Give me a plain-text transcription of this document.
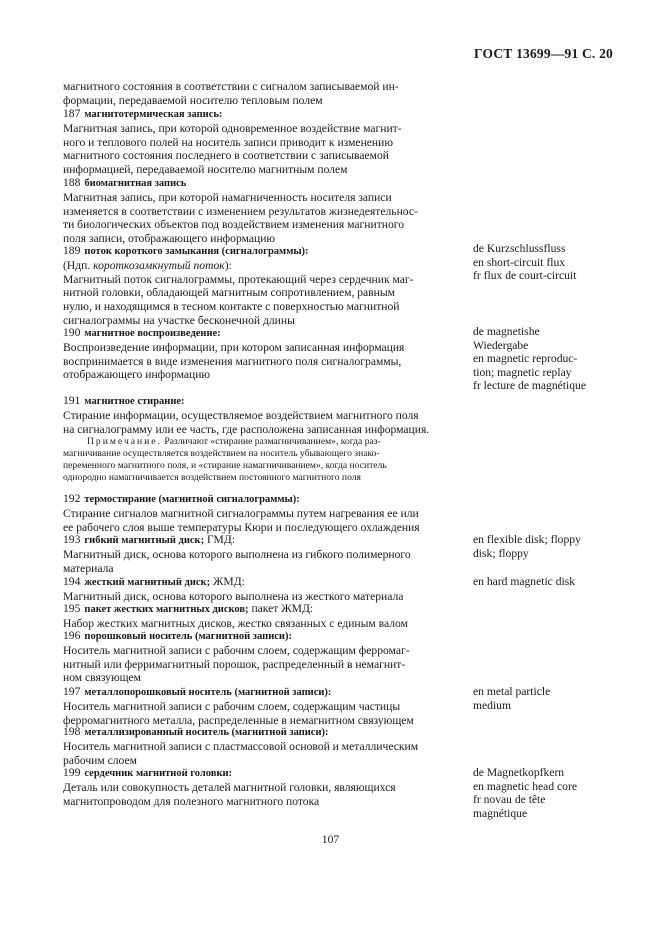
ГОСТ 13699—91 С. 20

магнитного состояния в соответствии с сигналом записываемой ин-

формации, передаваемой носителю тепловым полем

187 магнитотермическая запись:

Магнитная запись, при которой одновременное воздействие магнит-

ного и теплового полей на носитель записи приводит к изменению

магнитного состояния последнего в соответствии с записываемой

информацией, передаваемой носителю магнитным полем

188 биомагнитная запись

Магнитная запись, при которой намагниченность носителя записи

изменяется в соответствии с изменением результатов жизнедеятельнос-

ти биологических объектов под воздействием изменения магнитного

поля записи, отображающего информацию

189 поток короткого замыкания (сигналограммы):

(Ндп. короткозамкнутый поток):

Магнитный поток сигналограммы, протекающий через сердечник маг-

нитной головки, обладающей магнитным сопротивлением, равным

нулю, и находящимся в тесном контакте с поверхностью магнитной

сигналограммы на участке бесконечной длины

de Kurzschlussfluss
en short-circuit flux
fr flux de court-circuit

190 магнитное воспроизведение:

Воспроизведение информации, при котором записанная информация

воспринимается в виде изменения магнитного поля сигналограммы,

отображающего информацию

de magnetishe
Wiedergabe
en magnetic reproduc-
tion; magnetic replay
fr lecture de magnétique

191 магнитное стирание:

Стирание информации, осуществляемое воздействием магнитного поля

на сигналограмму или ее часть, где расположена записанная информация.

Примечание. Различают «стирание размагничиванием», когда раз-

магничивание осуществляется воздействием на носитель убывающего знако-

переменного магнитного поля, и «стирание намагничиванием», когда носитель

однородно намагничивается воздействием постоянного магнитного поля

192 термостирание (магнитной сигналограммы):

Стирание сигналов магнитной сигналограммы путем нагревания ее или

ее рабочего слоя выше температуры Кюри и последующего охлаждения

193 гибкий магнитный диск; ГМД:

Магнитный диск, основа которого выполнена из гибкого полимерного

материала

en flexible disk; floppy
disk; floppy

194 жесткий магнитный диск; ЖМД:

Магнитный диск, основа которого выполнена из жесткого материала

en hard magnetic disk

195 пакет жестких магнитных дисков; пакет ЖМД:

Набор жестких магнитных дисков, жестко связанных с единым валом

196 порошковый носитель (магнитной записи):

Носитель магнитной записи с рабочим слоем, содержащим ферромаг-

нитный или ферримагнитный порошок, распределенный в немагнит-

ном связующем

197 металлопорошковый носитель (магнитной записи):

Носитель магнитной записи с рабочим слоем, содержащим частицы

ферромагнитного металла, распределенные в немагнитном связующем

en metal particle
medium

198 металлизированный носитель (магнитной записи):

Носитель магнитной записи с пластмассовой основой и металлическим

рабочим слоем

199 сердечник магнитной головки:

Деталь или совокупность деталей магнитной головки, являющихся

магнитопроводом для полезного магнитного потока

de Magnetkopfkern
en magnetic head core
fr novau de tête
magnétique
107
